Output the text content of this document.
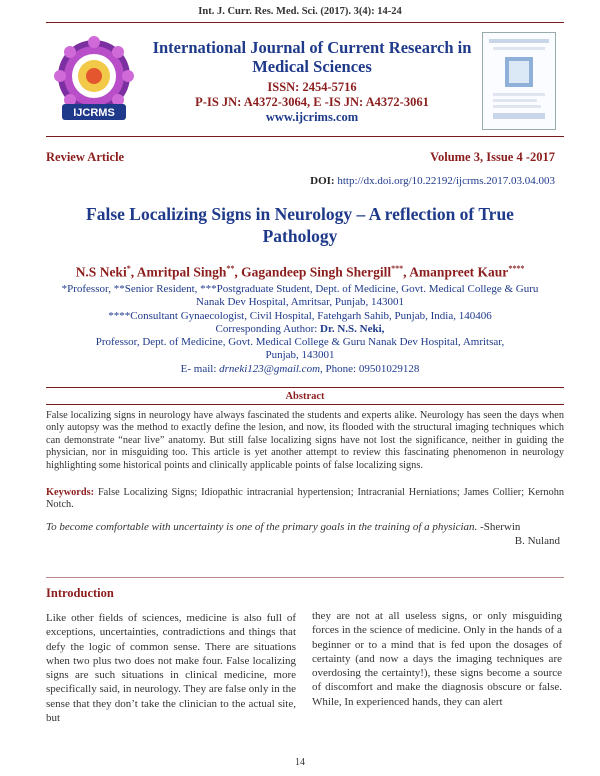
Int. J. Curr. Res. Med. Sci. (2017). 3(4): 14-24
IJCRMS
International Journal of Current Research in Medical Sciences
ISSN: 2454-5716
P-IS JN: A4372-3064, E -IS JN: A4372-3061
www.ijcrims.com
Review Article	Volume 3, Issue 4 -2017
DOI: http://dx.doi.org/10.22192/ijcrms.2017.03.04.003
False Localizing Signs in Neurology – A reflection of True Pathology
N.S Neki*, Amritpal Singh**, Gagandeep Singh Shergill***, Amanpreet Kaur****
*Professor, **Senior Resident, ***Postgraduate Student, Dept. of Medicine, Govt. Medical College & Guru Nanak Dev Hospital, Amritsar, Punjab, 143001
****Consultant Gynaecologist, Civil Hospital, Fatehgarh Sahib, Punjab, India, 140406
Corresponding Author: Dr. N.S. Neki,
Professor, Dept. of Medicine, Govt. Medical College & Guru Nanak Dev Hospital, Amritsar, Punjab, 143001
E- mail: drneki123@gmail.com, Phone: 09501029128
Abstract
False localizing signs in neurology have always fascinated the students and experts alike. Neurology has seen the days when only autopsy was the method to exactly define the lesion, and now, its flooded with the structural imaging techniques which can demonstrate “near live” anatomy. But still false localizing signs have not lost the significance, neither in guiding the physician, nor in misguiding too. This article is yet another attempt to review this fascinating phenomenon in neurology highlighting some historical points and clinically applicable points of false localizing signs.
Keywords: False Localizing Signs; Idiopathic intracranial hypertension; Intracranial Herniations; James Collier; Kernohn Notch.
To become comfortable with uncertainty is one of the primary goals in the training of a physician. -Sherwin
B. Nuland
Introduction
Like other fields of sciences, medicine is also full of exceptions, uncertainties, contradictions and things that defy the logic of common sense. There are situations when two plus two does not make four. False localizing signs are such situations in clinical medicine, more specifically said, in neurology. They are false only in the sense that they don’t take the clinician to the actual site, but
they are not at all useless signs, or only misguiding forces in the science of medicine. Only in the hands of a beginner or to a mind that is fed upon the dosages of certainty (and now a days the imaging techniques are overdosing the certainty!), these signs become a source of discomfort and make the diagnosis obscure or false. While, In experienced hands, they can alert
14
